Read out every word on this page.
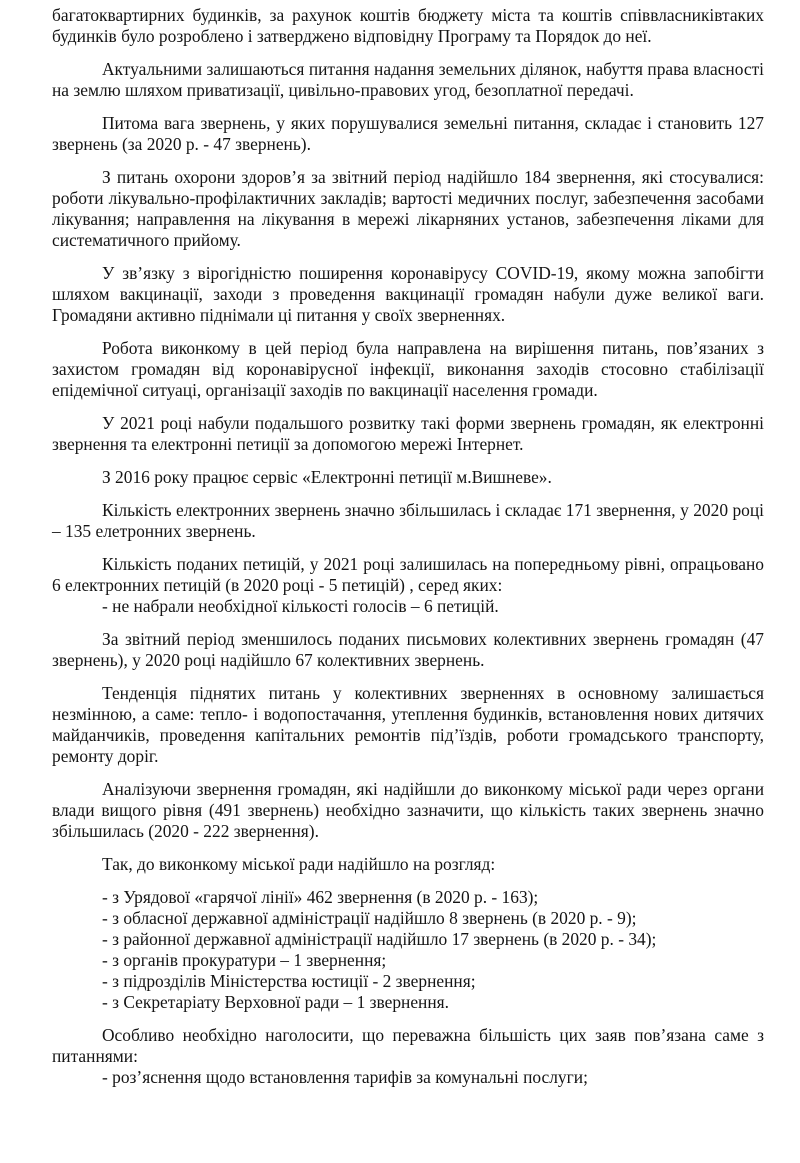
багатоквартирних будинків, за рахунок коштів бюджету міста та коштів співвласниківтаких будинків було розроблено і затверджено відповідну Програму та Порядок до неї.

Актуальними залишаються питання надання земельних ділянок, набуття права власності на землю шляхом приватизації, цивільно-правових угод, безоплатної передачі.

Питома вага звернень, у яких порушувалися земельні питання, складає і становить 127 звернень (за 2020 р. - 47 звернень).

З питань охорони здоров’я за звітний період надійшло 184 звернення, які стосувалися: роботи лікувально-профілактичних закладів; вартості медичних послуг, забезпечення засобами лікування; направлення на лікування в мережі лікарняних установ, забезпечення ліками для систематичного прийому.

У зв’язку з вірогідністю поширення коронавірусу COVID-19, якому можна запобігти шляхом вакцинації, заходи з проведення вакцинації громадян набули дуже великої ваги. Громадяни активно піднімали ці питання у своїх зверненнях.

Робота виконкому в цей період була направлена на вирішення питань, пов’язаних з захистом громадян від коронавірусної інфекції, виконання заходів стосовно стабілізації епідемічної ситуаці, організації заходів по вакцинації населення громади.

У 2021 році набули подальшого розвитку такі форми звернень громадян, як електронні звернення та електронні петиції за допомогою мережі Інтернет.

З 2016 року працює сервіс «Електронні петиції м.Вишневе».

Кількість електронних звернень значно збільшилась і складає 171 звернення, у 2020 році – 135 елетронних звернень.

Кількість поданих петицій, у 2021 році залишилась на попередньому рівні, опрацьовано 6 електронних петицій (в 2020 році - 5 петицій) , серед яких:

- не набрали необхідної кількості голосів – 6 петицій.

За звітний період зменшилось поданих письмових колективних звернень громадян (47 звернень), у 2020 році надійшло 67 колективних звернень.

Тенденція піднятих питань у колективних зверненнях в основному залишається незмінною, а саме: тепло- і водопостачання, утеплення будинків, встановлення нових дитячих майданчиків, проведення капітальних ремонтів під’їздів, роботи громадського транспорту, ремонту доріг.

Аналізуючи звернення громадян, які надійшли до виконкому міської ради через органи влади вищого рівня (491 звернень) необхідно зазначити, що кількість таких звернень значно збільшилась (2020 - 222 звернення).

Так, до виконкому міської ради надійшло на розгляд:

- з Урядової «гарячої лінії» 462 звернення (в 2020 р. - 163);
- з обласної державної адміністрації надійшло 8 звернень (в 2020 р. - 9);
- з районної державної адміністрації надійшло 17 звернень (в 2020 р. - 34);
- з органів прокуратури – 1 звернення;
- з підрозділів Міністерства юстиції - 2 звернення;
- з Секретаріату Верховної ради – 1 звернення.

Особливо необхідно наголосити, що переважна більшість цих заяв пов’язана саме з питаннями:

- роз’яснення щодо встановлення тарифів за комунальні послуги;
